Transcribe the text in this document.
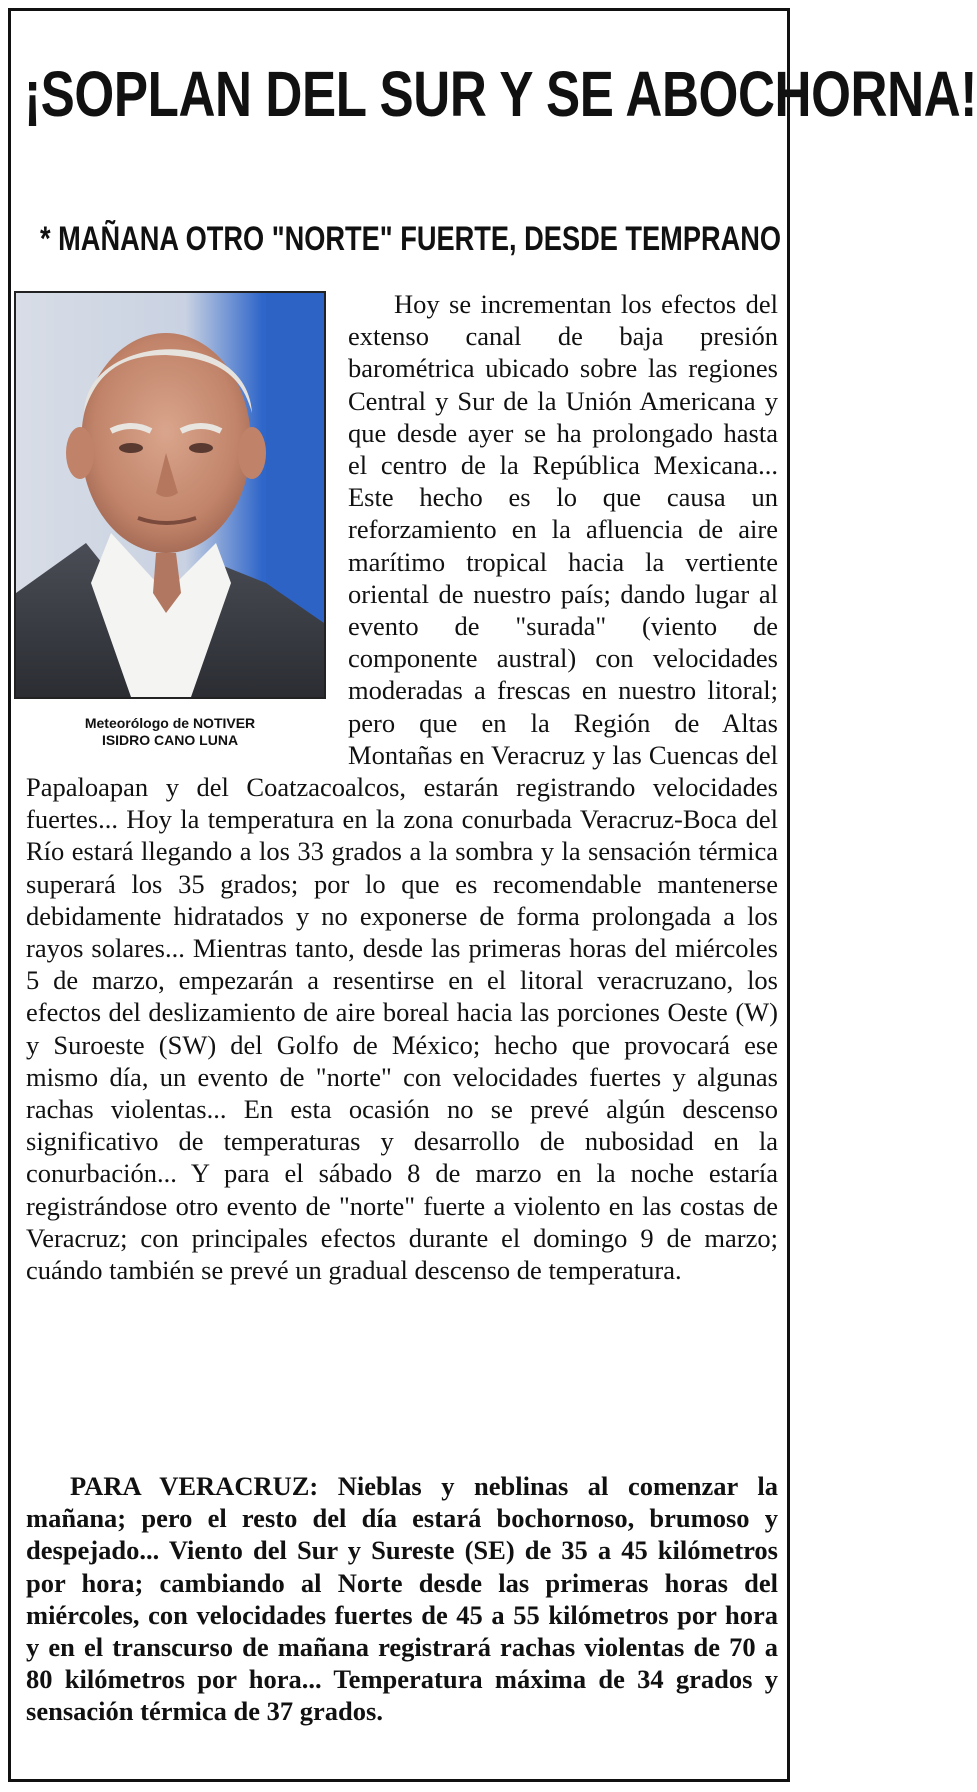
¡SOPLAN DEL SUR Y SE ABOCHORNA!
* MAÑANA OTRO "NORTE" FUERTE, DESDE TEMPRANO
Meteorólogo de NOTIVER
ISIDRO CANO LUNA

Hoy se incrementan los efectos del extenso canal de baja presión barométrica ubicado sobre las regiones Central y Sur de la Unión Americana y que desde ayer se ha prolongado hasta el centro de la República Mexicana... Este hecho es lo que causa un reforzamiento en la afluencia de aire marítimo tropical hacia la vertiente oriental de nuestro país; dando lugar al evento de "surada" (viento de componente austral) con velocidades moderadas a frescas en nuestro litoral; pero que en la Región de Altas Montañas en Veracruz y las Cuencas del Papaloapan y del Coatzacoalcos, estarán registrando velocidades fuertes... Hoy la temperatura en la zona conurbada Veracruz-Boca del Río estará llegando a los 33 grados a la sombra y la sensación térmica superará los 35 grados; por lo que es recomendable mantenerse debidamente hidratados y no exponerse de forma prolongada a los rayos solares... Mientras tanto, desde las primeras horas del miércoles 5 de marzo, empezarán a resentirse en el litoral veracruzano, los efectos del deslizamiento de aire boreal hacia las porciones Oeste (W) y Suroeste (SW) del Golfo de México; hecho que provocará ese mismo día, un evento de "norte" con velocidades fuertes y algunas rachas violentas... En esta ocasión no se prevé algún descenso significativo de temperaturas y desarrollo de nubosidad en la conurbación... Y para el sábado 8 de marzo en la noche estaría registrándose otro evento de "norte" fuerte a violento en las costas de Veracruz; con principales efectos durante el domingo 9 de marzo; cuándo también se prevé un gradual descenso de temperatura.

PARA VERACRUZ: Nieblas y neblinas al comenzar la mañana; pero el resto del día estará bochornoso, brumoso y despejado... Viento del Sur y Sureste (SE) de 35 a 45 kilómetros por hora; cambiando al Norte desde las primeras horas del miércoles, con velocidades fuertes de 45 a 55 kilómetros por hora y en el transcurso de mañana registrará rachas violentas de 70 a 80 kilómetros por hora... Temperatura máxima de 34 grados y sensación térmica de 37 grados.
